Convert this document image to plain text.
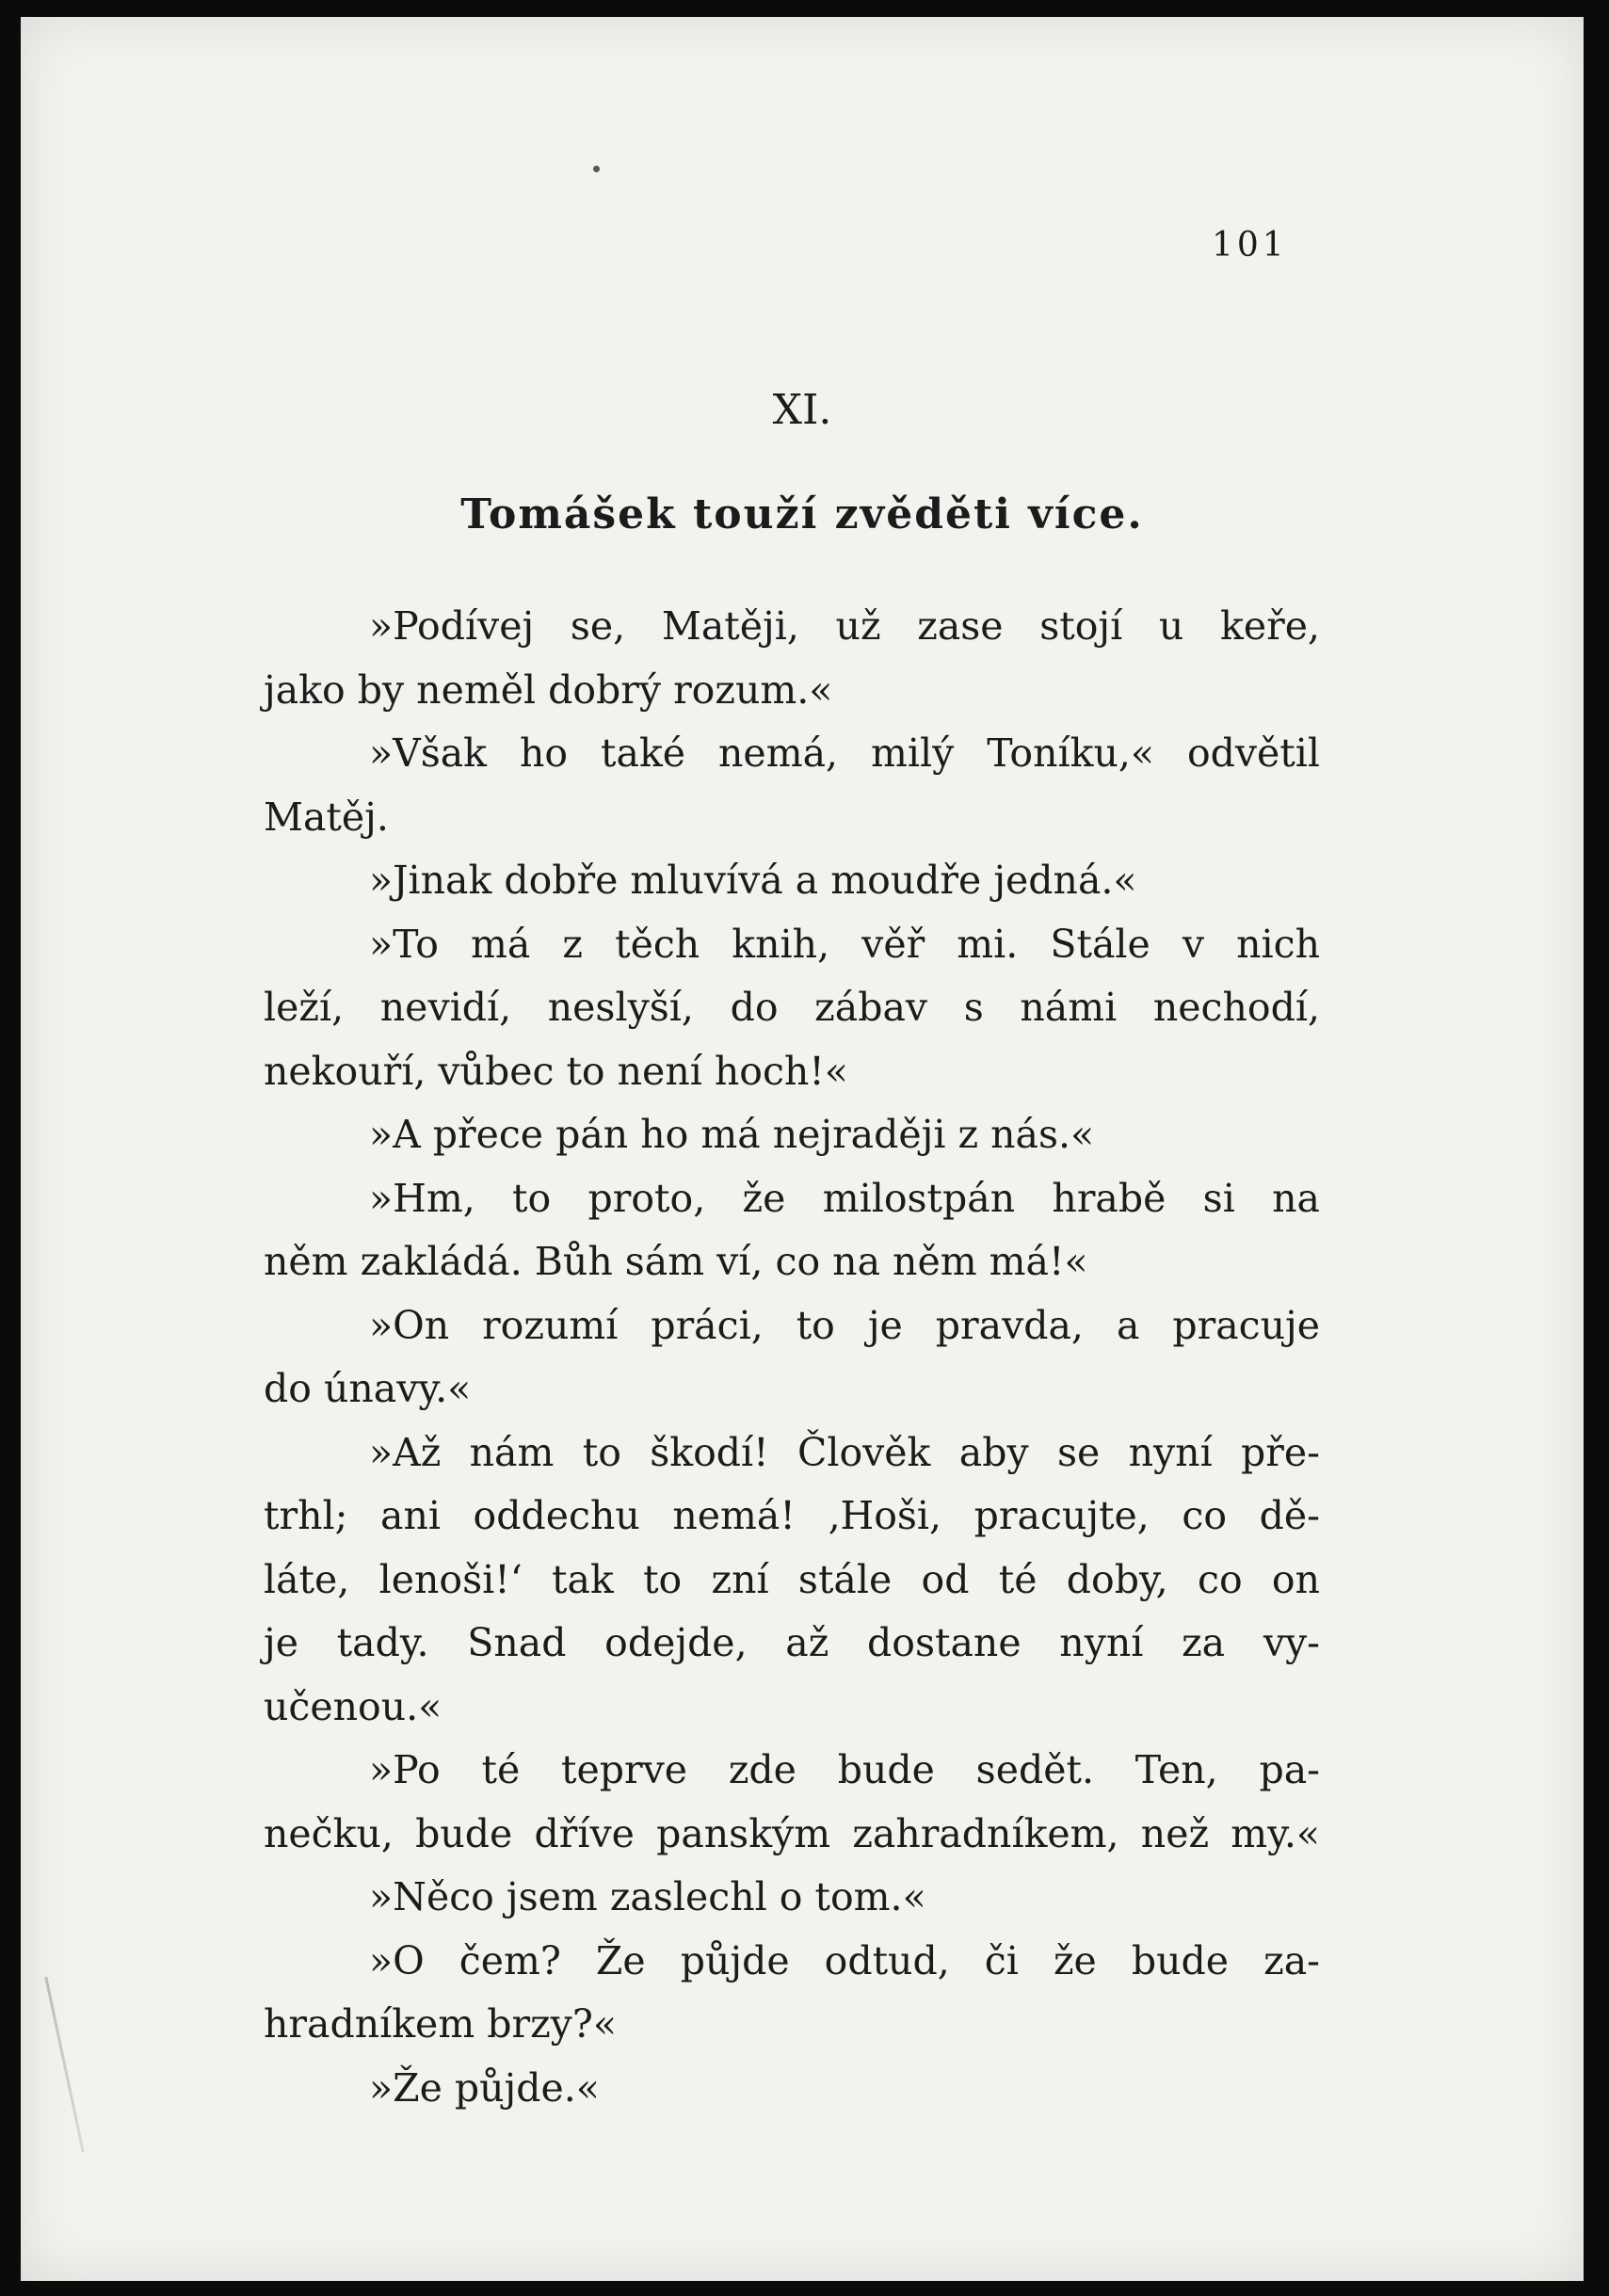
101
XI.
Tomášek touží zvěděti více.
»Podívej se, Matěji, už zase stojí u keře,
jako by neměl dobrý rozum.«
»Však ho také nemá, milý Toníku,« odvětil
Matěj.
»Jinak dobře mluvívá a moudře jedná.«
»To má z těch knih, věř mi. Stále v nich
leží, nevidí, neslyší, do zábav s námi nechodí,
nekouří, vůbec to není hoch!«
»A přece pán ho má nejraději z nás.«
»Hm, to proto, že milostpán hrabě si na
něm zakládá. Bůh sám ví, co na něm má!«
»On rozumí práci, to je pravda, a pracuje
do únavy.«
»Až nám to škodí! Člověk aby se nyní pře-
trhl; ani oddechu nemá! ‚Hoši, pracujte, co dě-
láte, lenoši!‘ tak to zní stále od té doby, co on
je tady. Snad odejde, až dostane nyní za vy-
učenou.«
»Po té teprve zde bude sedět. Ten, pa-
nečku, bude dříve panským zahradníkem, než my.«
»Něco jsem zaslechl o tom.«
»O čem? Že půjde odtud, či že bude za-
hradníkem brzy?«
»Že půjde.«
